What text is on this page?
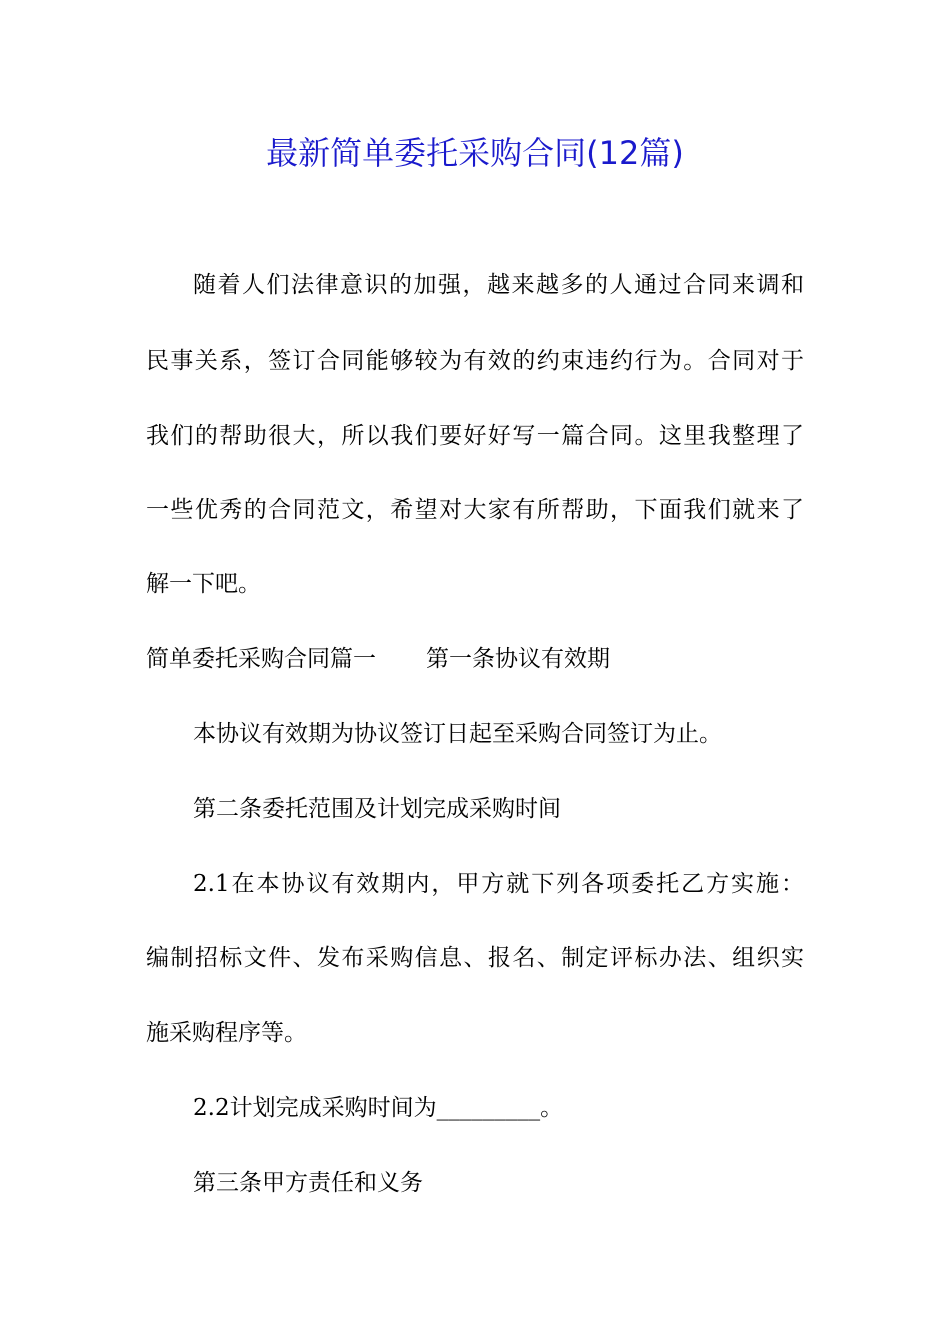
最新简单委托采购合同(12篇)
随着人们法律意识的加强，越来越多的人通过合同来调和
民事关系，签订合同能够较为有效的约束违约行为。合同对于
我们的帮助很大，所以我们要好好写一篇合同。这里我整理了
一些优秀的合同范文，希望对大家有所帮助，下面我们就来了
解一下吧。
简单委托采购合同篇一 第一条协议有效期
本协议有效期为协议签订日起至采购合同签订为止。
第二条委托范围及计划完成采购时间
2.1在本协议有效期内，甲方就下列各项委托乙方实施：
编制招标文件、发布采购信息、报名、制定评标办法、组织实
施采购程序等。
2.2计划完成采购时间为_________。
第三条甲方责任和义务
